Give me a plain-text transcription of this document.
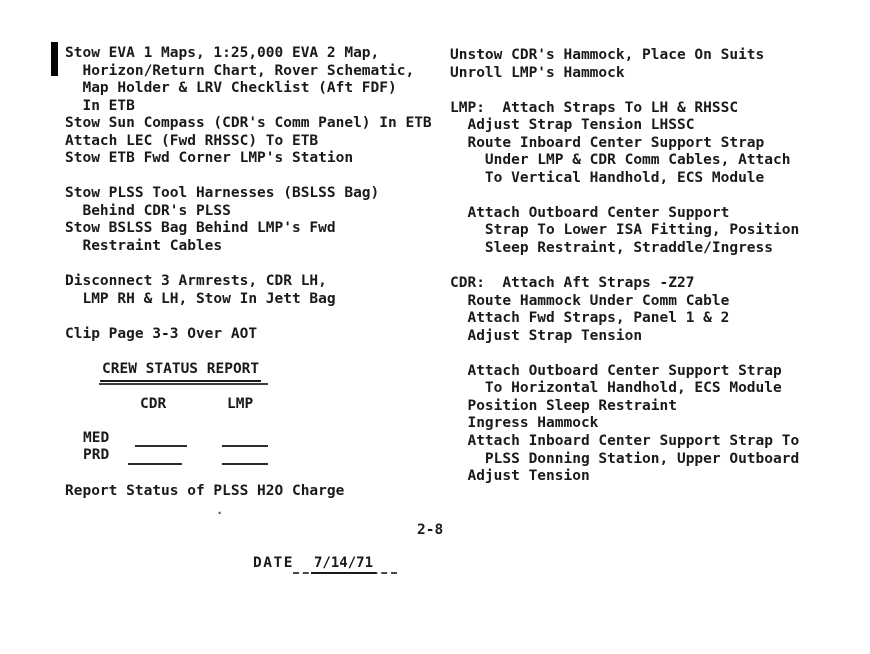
Stow EVA 1 Maps, 1:25,000 EVA 2 Map,
Horizon/Return Chart, Rover Schematic,
Map Holder & LRV Checklist (Aft FDF)
In ETB
Stow Sun Compass (CDR's Comm Panel) In ETB
Attach LEC (Fwd RHSSC) To ETB
Stow ETB Fwd Corner LMP's Station
Stow PLSS Tool Harnesses (BSLSS Bag)
Behind CDR's PLSS
Stow BSLSS Bag Behind LMP's Fwd
Restraint Cables
Disconnect 3 Armrests, CDR LH,
LMP RH & LH, Stow In Jett Bag
Clip Page 3-3 Over AOT
Unstow CDR's Hammock, Place On Suits
Unroll LMP's Hammock
LMP:  Attach Straps To LH & RHSSC
Adjust Strap Tension LHSSC
Route Inboard Center Support Strap
Under LMP & CDR Comm Cables, Attach
To Vertical Handhold, ECS Module
Attach Outboard Center Support
Strap To Lower ISA Fitting, Position
Sleep Restraint, Straddle/Ingress
CDR:  Attach Aft Straps -Z27
Route Hammock Under Comm Cable
Attach Fwd Straps, Panel 1 & 2
Adjust Strap Tension
Attach Outboard Center Support Strap
To Horizontal Handhold, ECS Module
Position Sleep Restraint
Ingress Hammock
Attach Inboard Center Support Strap To
PLSS Donning Station, Upper Outboard
Adjust Tension
CREW STATUS REPORT
CDR	LMP
MED
PRD
Report Status of PLSS H2O Charge
.
2-8
DATE 7/14/71
